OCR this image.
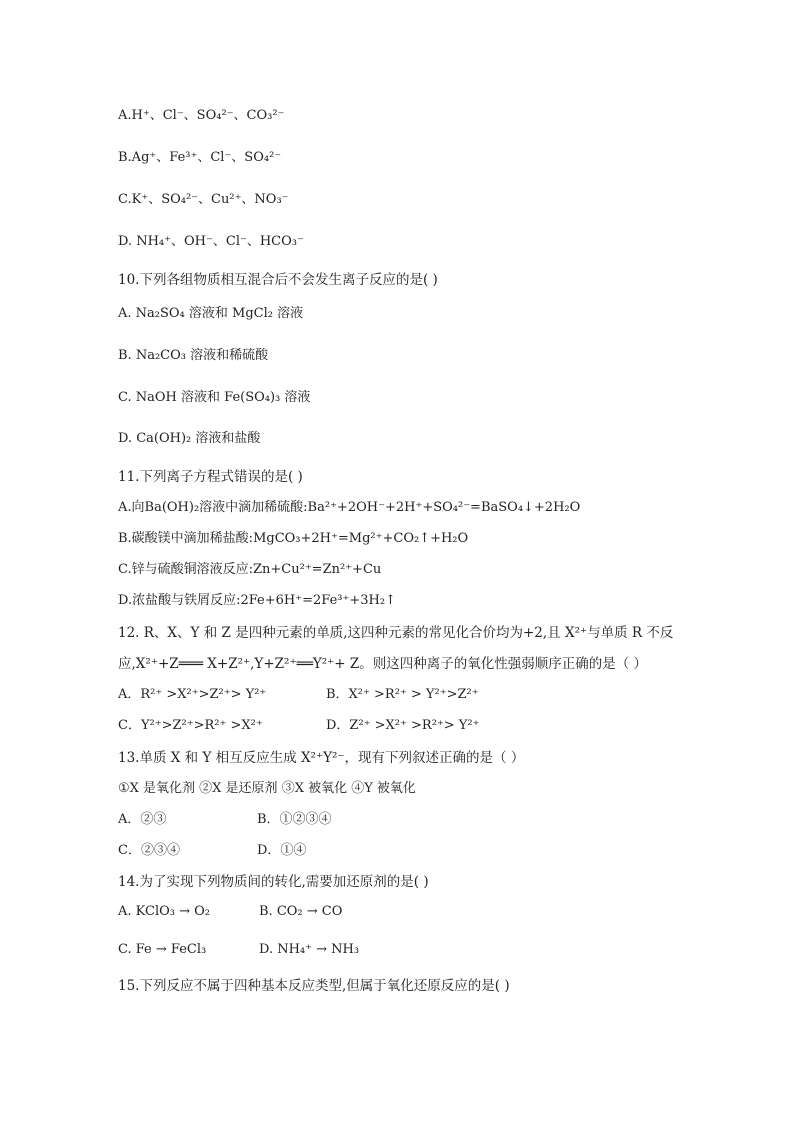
A.H⁺、Cl⁻、SO₄²⁻、CO₃²⁻
B.Ag⁺、Fe³⁺、Cl⁻、SO₄²⁻
C.K⁺、SO₄²⁻、Cu²⁺、NO₃⁻
D. NH₄⁺、OH⁻、Cl⁻、HCO₃⁻
10.下列各组物质相互混合后不会发生离子反应的是( )
A. Na₂SO₄ 溶液和 MgCl₂ 溶液
B. Na₂CO₃ 溶液和稀硫酸
C. NaOH 溶液和 Fe(SO₄)₃ 溶液
D. Ca(OH)₂ 溶液和盐酸
11.下列离子方程式错误的是( )
A.向Ba(OH)₂溶液中滴加稀硫酸:Ba²⁺+2OH⁻+2H⁺+SO₄²⁻=BaSO₄↓+2H₂O
B.碳酸镁中滴加稀盐酸:MgCO₃+2H⁺=Mg²⁺+CO₂↑+H₂O
C.锌与硫酸铜溶液反应:Zn+Cu²⁺=Zn²⁺+Cu
D.浓盐酸与铁屑反应:2Fe+6H⁺=2Fe³⁺+3H₂↑
12. R、X、Y 和 Z 是四种元素的单质,这四种元素的常见化合价均为+2,且 X²⁺与单质 R 不反
应,X²⁺+Z═══ X+Z²⁺,Y+Z²⁺══Y²⁺+ Z。则这四种离子的氧化性强弱顺序正确的是（ ）
A．R²⁺ >X²⁺>Z²⁺> Y²⁺	B．X²⁺ >R²⁺ > Y²⁺>Z²⁺
C．Y²⁺>Z²⁺>R²⁺ >X²⁺	D．Z²⁺ >X²⁺ >R²⁺> Y²⁺
13.单质 X 和 Y 相互反应生成 X²⁺Y²⁻，现有下列叙述正确的是（ ）
①X 是氧化剂 ②X 是还原剂 ③X 被氧化 ④Y 被氧化
A．②③	B．①②③④
C．②③④	D．①④
14.为了实现下列物质间的转化,需要加还原剂的是( )
A. KClO₃ → O₂	B. CO₂ → CO
C. Fe → FeCl₃	D. NH₄⁺ → NH₃
15.下列反应不属于四种基本反应类型,但属于氧化还原反应的是( )
